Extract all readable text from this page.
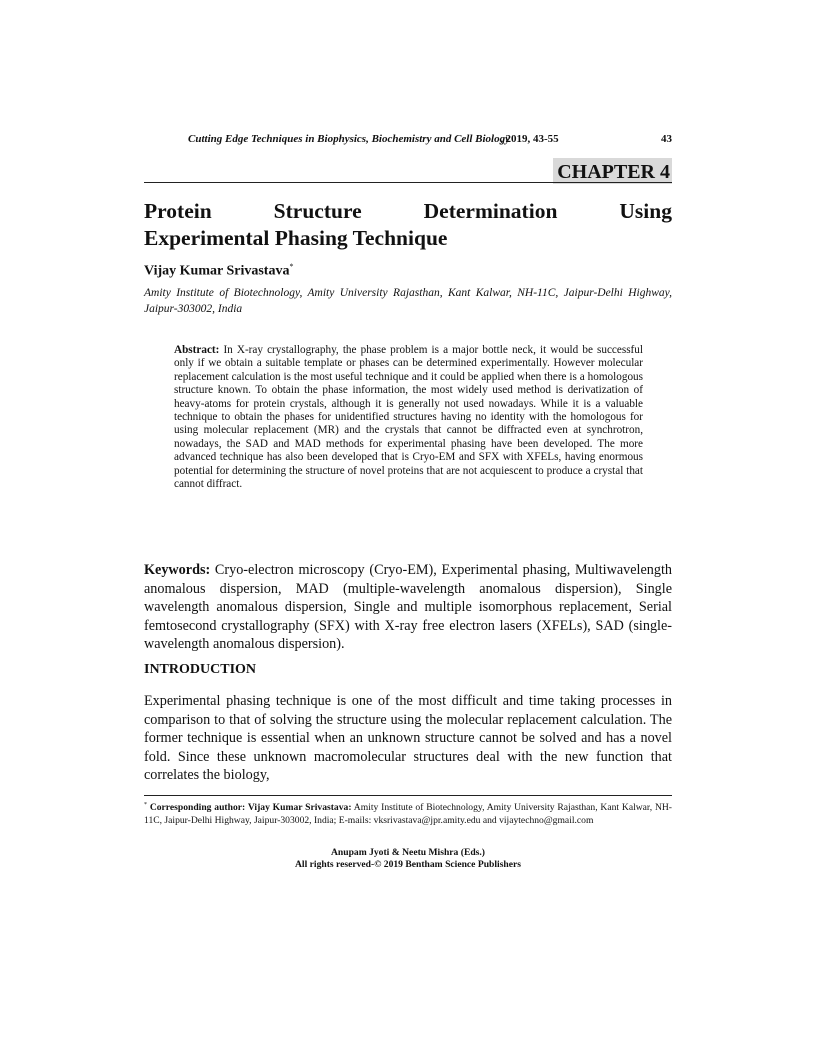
Cutting Edge Techniques in Biophysics, Biochemistry and Cell Biology
, 2019, 43-55	43
CHAPTER 4
Protein	Structure	Determination	Using
Experimental Phasing Technique
Vijay Kumar Srivastava*
Amity Institute of Biotechnology, Amity University Rajasthan, Kant Kalwar, NH-11C, Jaipur-Delhi Highway, Jaipur-303002, India
Abstract: In X-ray crystallography, the phase problem is a major bottle neck, it would be successful only if we obtain a suitable template or phases can be determined experimentally. However molecular replacement calculation is the most useful technique and it could be applied when there is a homologous structure known. To obtain the phase information, the most widely used method is derivatization of heavy-atoms for protein crystals, although it is generally not used nowadays. While it is a valuable technique to obtain the phases for unidentified structures having no identity with the homologous for using molecular replacement (MR) and the crystals that cannot be diffracted even at synchrotron, nowadays, the SAD and MAD methods for experimental phasing have been developed. The more advanced technique has also been developed that is Cryo-EM and SFX with XFELs, having enormous potential for determining the structure of novel proteins that are not acquiescent to produce a crystal that cannot diffract.
Keywords: Cryo-electron microscopy (Cryo-EM), Experimental phasing, Multiwavelength anomalous dispersion, MAD (multiple-wavelength anomalous dispersion), Single wavelength anomalous dispersion, Single and multiple isomorphous replacement, Serial femtosecond crystallography (SFX) with X-ray free electron lasers (XFELs), SAD (single-wavelength anomalous dispersion).
INTRODUCTION
Experimental phasing technique is one of the most difficult and time taking processes in comparison to that of solving the structure using the molecular replacement calculation. The former technique is essential when an unknown structure cannot be solved and has a novel fold. Since these unknown macromolecular structures deal with the new function that correlates the biology,
* Corresponding author: Vijay Kumar Srivastava: Amity Institute of Biotechnology, Amity University Rajasthan, Kant Kalwar, NH-11C, Jaipur-Delhi Highway, Jaipur-303002, India; E-mails: vksrivastava@jpr.amity.edu and vijaytechno@gmail.com
Anupam Jyoti & Neetu Mishra (Eds.)
All rights reserved-© 2019 Bentham Science Publishers
